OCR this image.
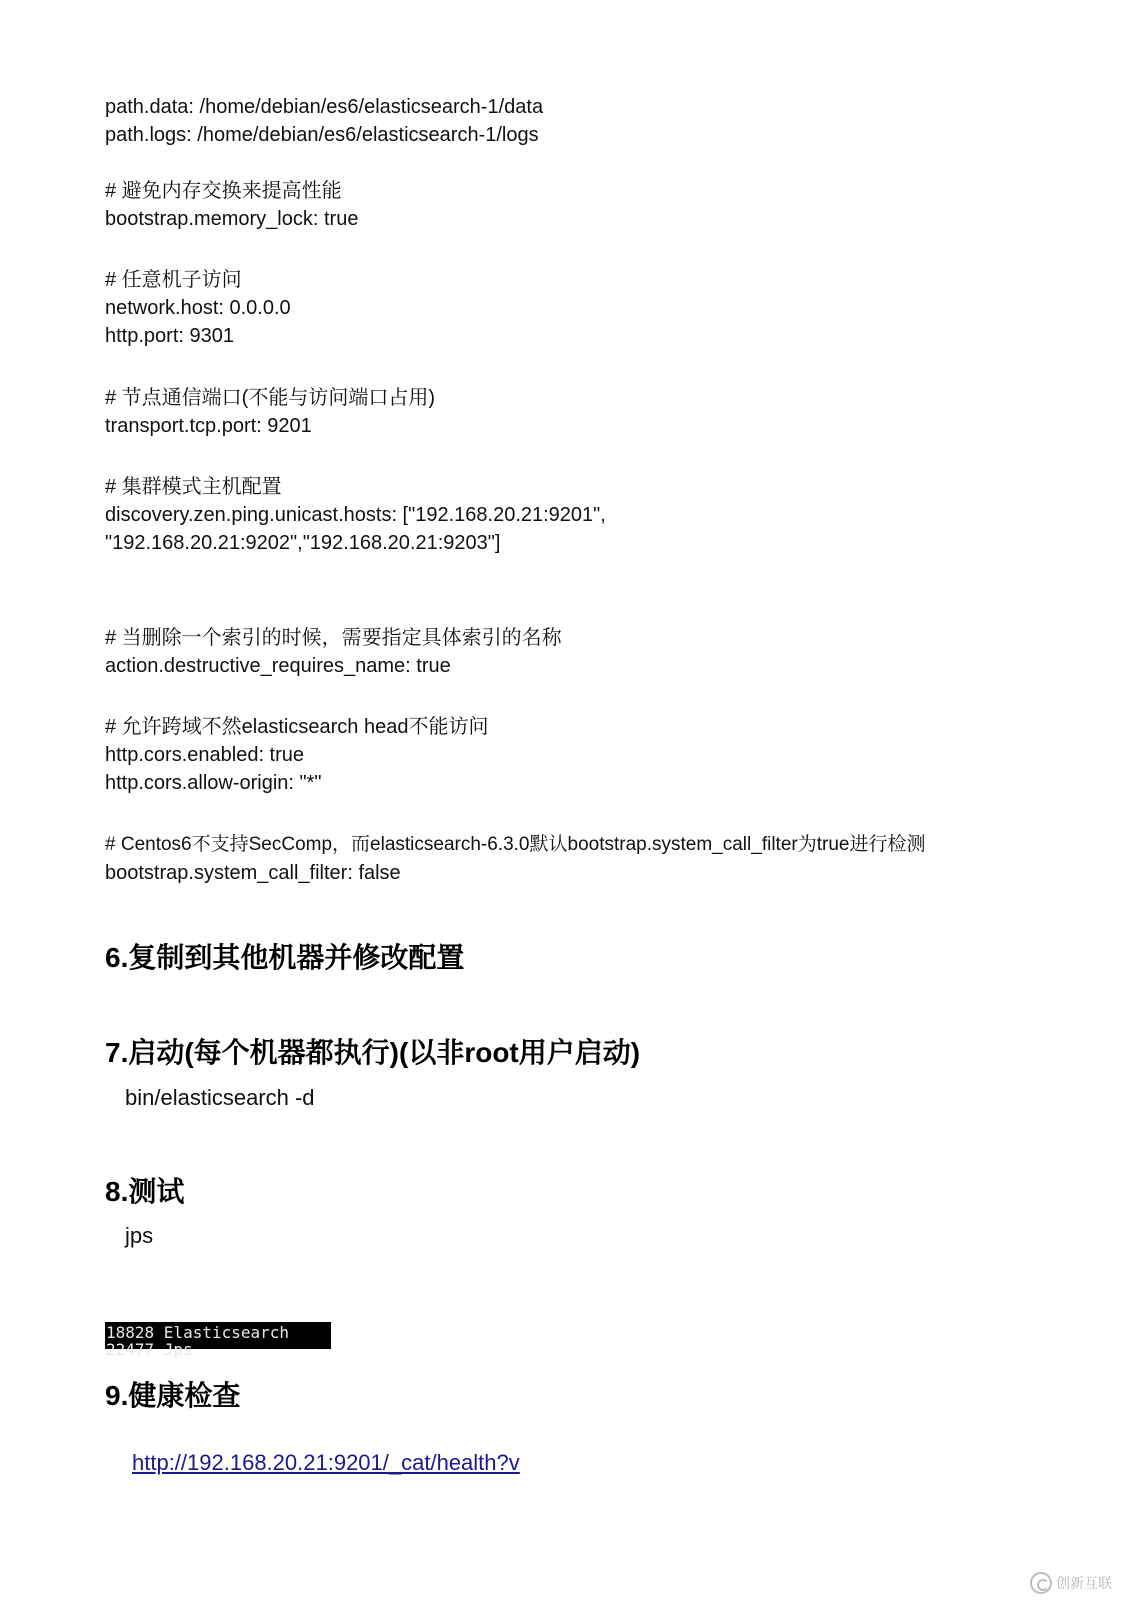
path.data: /home/debian/es6/elasticsearch-1/data
path.logs: /home/debian/es6/elasticsearch-1/logs
# 避免内存交换来提高性能
bootstrap.memory_lock: true
# 任意机子访问
network.host: 0.0.0.0
http.port: 9301
# 节点通信端口(不能与访问端口占用)
transport.tcp.port: 9201
# 集群模式主机配置
discovery.zen.ping.unicast.hosts: ["192.168.20.21:9201",
"192.168.20.21:9202","192.168.20.21:9203"]
# 当删除一个索引的时候，需要指定具体索引的名称
action.destructive_requires_name: true
# 允许跨域不然elasticsearch head不能访问
http.cors.enabled: true
http.cors.allow-origin: "*"
# Centos6不支持SecComp，而elasticsearch-6.3.0默认bootstrap.system_call_filter为true进行检测
bootstrap.system_call_filter: false
6.复制到其他机器并修改配置
7.启动(每个机器都执行)(以非root用户启动)
bin/elasticsearch -d
8.测试
jps
18828 Elasticsearch
22477 Jps
9.健康检查
http://192.168.20.21:9201/_cat/health?v
创新互联
